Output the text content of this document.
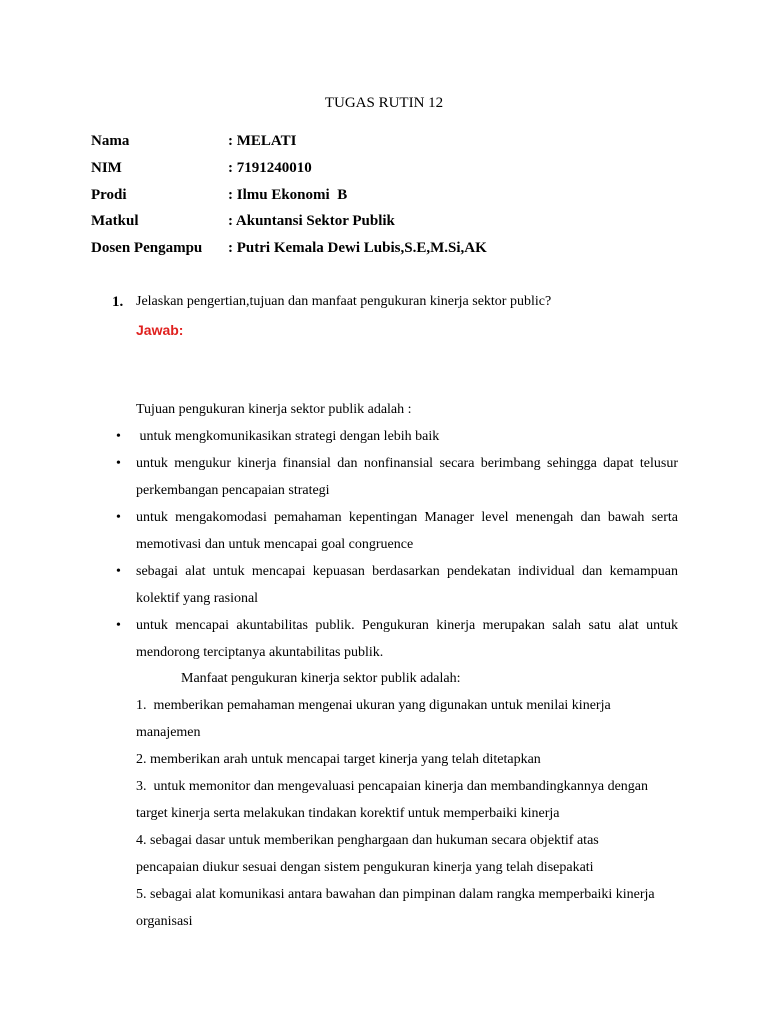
TUGAS RUTIN 12
Nama	: MELATI
NIM	: 7191240010
Prodi	: Ilmu Ekonomi  B
Matkul	: Akuntansi Sektor Publik
Dosen Pengampu : Putri Kemala Dewi Lubis,S.E,M.Si,AK
1. Jelaskan pengertian,tujuan dan manfaat pengukuran kinerja sektor public?
Jawab:
Tujuan pengukuran kinerja sektor publik adalah :
• untuk mengkomunikasikan strategi dengan lebih baik
• untuk mengukur kinerja finansial dan nonfinansial secara berimbang sehingga dapat telusur perkembangan pencapaian strategi
• untuk mengakomodasi pemahaman kepentingan Manager level menengah dan bawah serta memotivasi dan untuk mencapai goal congruence
• sebagai alat untuk mencapai kepuasan berdasarkan pendekatan individual dan kemampuan kolektif yang rasional
• untuk mencapai akuntabilitas publik. Pengukuran kinerja merupakan salah satu alat untuk mendorong terciptanya akuntabilitas publik.
Manfaat pengukuran kinerja sektor publik adalah:
1.  memberikan pemahaman mengenai ukuran yang digunakan untuk menilai kinerja manajemen
2. memberikan arah untuk mencapai target kinerja yang telah ditetapkan
3.  untuk memonitor dan mengevaluasi pencapaian kinerja dan membandingkannya dengan target kinerja serta melakukan tindakan korektif untuk memperbaiki kinerja
4. sebagai dasar untuk memberikan penghargaan dan hukuman secara objektif atas pencapaian diukur sesuai dengan sistem pengukuran kinerja yang telah disepakati
5. sebagai alat komunikasi antara bawahan dan pimpinan dalam rangka memperbaiki kinerja organisasi
